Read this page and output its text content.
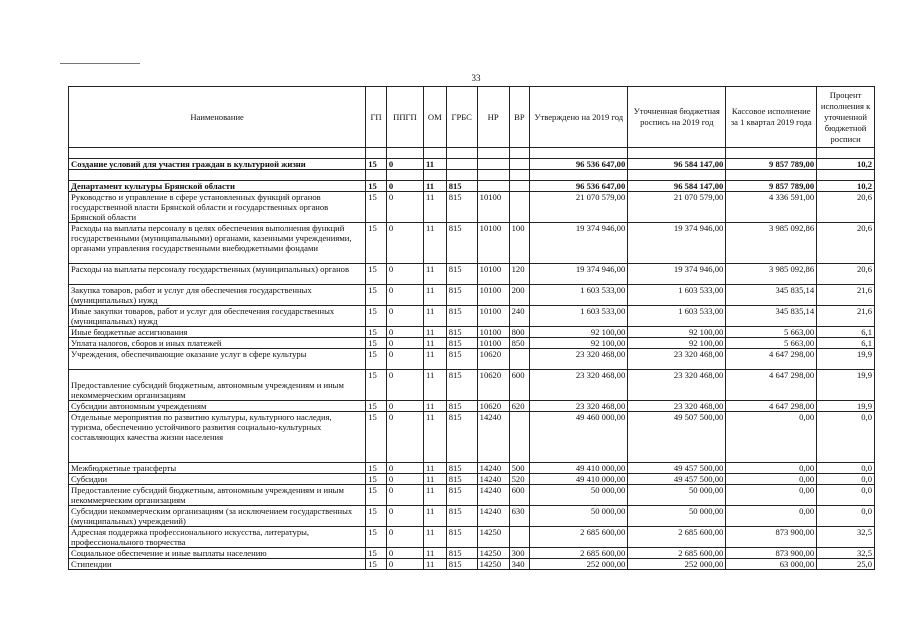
33
Наименование	ГП	ППГП	ОМ	ГРБС	НР	ВР	Утверждено на 2019 год	Уточненная бюджетная роспись на 2019 год	Кассовое исполнение за 1 квартал 2019 года	Процент исполнения к уточненной бюджетной росписи

Создание условий для участия граждан в культурной жизни	15	0	11				96 536 647,00	96 584 147,00	9 857 789,00	10,2

Департамент культуры Брянской области	15	0	11	815			96 536 647,00	96 584 147,00	9 857 789,00	10,2
Руководство и управление в сфере установленных функций органов государственной власти Брянской области и государственных органов Брянской области	15	0	11	815	10100		21 070 579,00	21 070 579,00	4 336 591,00	20,6
Расходы на выплаты персоналу в целях обеспечения выполнения функций государственными (муниципальными) органами, казенными учреждениями, органами управления государственными внебюджетными фондами	15	0	11	815	10100	100	19 374 946,00	19 374 946,00	3 985 092,86	20,6
Расходы на выплаты персоналу государственных (муниципальных) органов	15	0	11	815	10100	120	19 374 946,00	19 374 946,00	3 985 092,86	20,6
Закупка товаров, работ и услуг для обеспечения государственных (муниципальных) нужд	15	0	11	815	10100	200	1 603 533,00	1 603 533,00	345 835,14	21,6
Иные закупки товаров, работ и услуг для обеспечения государственных (муниципальных) нужд	15	0	11	815	10100	240	1 603 533,00	1 603 533,00	345 835,14	21,6
Иные бюджетные ассигнования	15	0	11	815	10100	800	92 100,00	92 100,00	5 663,00	6,1
Уплата налогов, сборов и иных платежей	15	0	11	815	10100	850	92 100,00	92 100,00	5 663,00	6,1
Учреждения, обеспечивающие оказание услуг в сфере культуры	15	0	11	815	10620		23 320 468,00	23 320 468,00	4 647 298,00	19,9
Предоставление субсидий бюджетным, автономным учреждениям и иным некоммерческим организациям	15	0	11	815	10620	600	23 320 468,00	23 320 468,00	4 647 298,00	19,9
Субсидии автономным учреждениям	15	0	11	815	10620	620	23 320 468,00	23 320 468,00	4 647 298,00	19,9
Отдельные мероприятия по развитию культуры, культурного наследия, туризма, обеспечению устойчивого развития социально-культурных составляющих качества жизни населения	15	0	11	815	14240		49 460 000,00	49 507 500,00	0,00	0,0
Межбюджетные трансферты	15	0	11	815	14240	500	49 410 000,00	49 457 500,00	0,00	0,0
Субсидии	15	0	11	815	14240	520	49 410 000,00	49 457 500,00	0,00	0,0
Предоставление субсидий бюджетным, автономным учреждениям и иным некоммерческим организациям	15	0	11	815	14240	600	50 000,00	50 000,00	0,00	0,0
Субсидии некоммерческим организациям (за исключением государственных (муниципальных) учреждений)	15	0	11	815	14240	630	50 000,00	50 000,00	0,00	0,0
Адресная поддержка профессионального искусства, литературы, профессионального творчества	15	0	11	815	14250		2 685 600,00	2 685 600,00	873 900,00	32,5
Социальное обеспечение и иные выплаты населению	15	0	11	815	14250	300	2 685 600,00	2 685 600,00	873 900,00	32,5
Стипендии	15	0	11	815	14250	340	252 000,00	252 000,00	63 000,00	25,0
